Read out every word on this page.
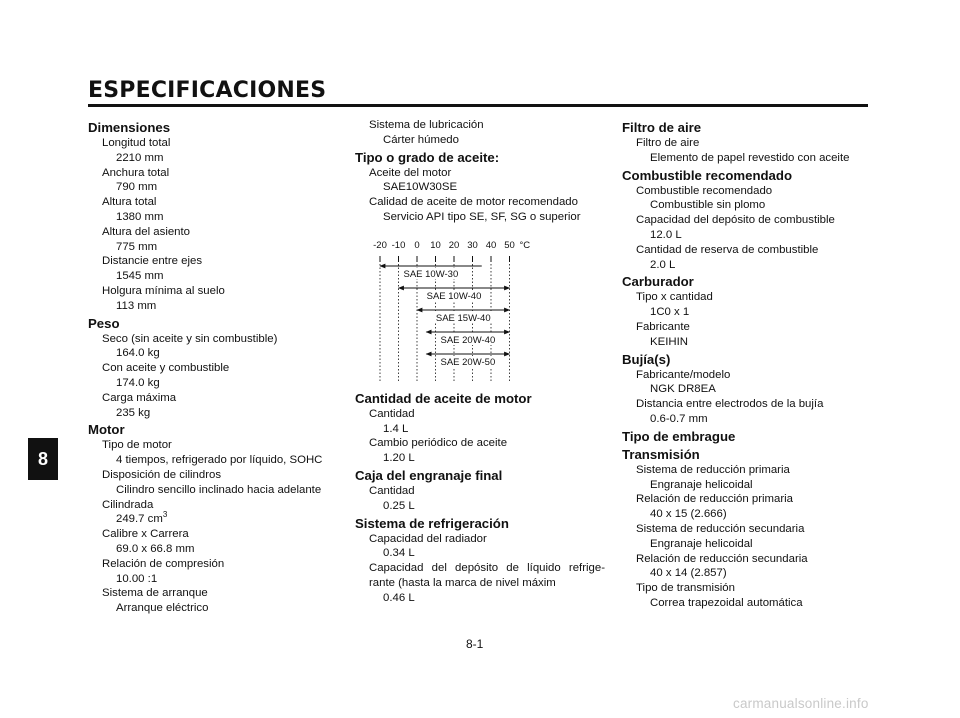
ESPECIFICACIONES
8
Dimensiones
Longitud total
2210 mm
Anchura total
790 mm
Altura total
1380 mm
Altura del asiento
775 mm
Distancie entre ejes
1545 mm
Holgura mínima al suelo
113 mm
Peso
Seco (sin aceite y sin combustible)
164.0 kg
Con aceite y combustible
174.0 kg
Carga máxima
235 kg
Motor
Tipo de motor
4 tiempos, refrigerado por líquido, SOHC
Disposición de cilindros
Cilindro sencillo inclinado hacia adelante
Cilindrada
249.7 $cm^3$
Calibre x Carrera
69.0 x 66.8 mm
Relación de compresión
10.00 :1
Sistema de arranque
Arranque eléctrico
Sistema de lubricación
Cárter húmedo
Tipo o grado de aceite:
Aceite del motor
SAE10W30SE
Calidad de aceite de motor recomendado
Servicio API tipo SE, SF, SG o superior
Cantidad de aceite de motor
Cantidad
1.4 L
Cambio periódico de aceite
1.20 L
Caja del engranaje final
Cantidad
0.25 L
Sistema de refrigeración
Capacidad del radiador
0.34 L
Capacidad del depósito de líquido refrige-rante (hasta la marca de nivel máxim
0.46 L
-20 -10 0 10 20 30 40 50 °C
SAE 10W-30
SAE 10W-40
SAE 15W-40
SAE 20W-40
SAE 20W-50
Filtro de aire
Filtro de aire
Elemento de papel revestido con aceite
Combustible recomendado
Combustible recomendado
Combustible sin plomo
Capacidad del depósito de combustible
12.0 L
Cantidad de reserva de combustible
2.0 L
Carburador
Tipo x cantidad
1C0 x 1
Fabricante
KEIHIN
Bujía(s)
Fabricante/modelo
NGK DR8EA
Distancia entre electrodos de la bujía
0.6-0.7 mm
Tipo de embrague
Transmisión
Sistema de reducción primaria
Engranaje helicoidal
Relación de reducción primaria
40 x 15 (2.666)
Sistema de reducción secundaria
Engranaje helicoidal
Relación de reducción secundaria
40 x 14 (2.857)
Tipo de transmisión
Correa trapezoidal automática
8-1
carmanualsonline.info
